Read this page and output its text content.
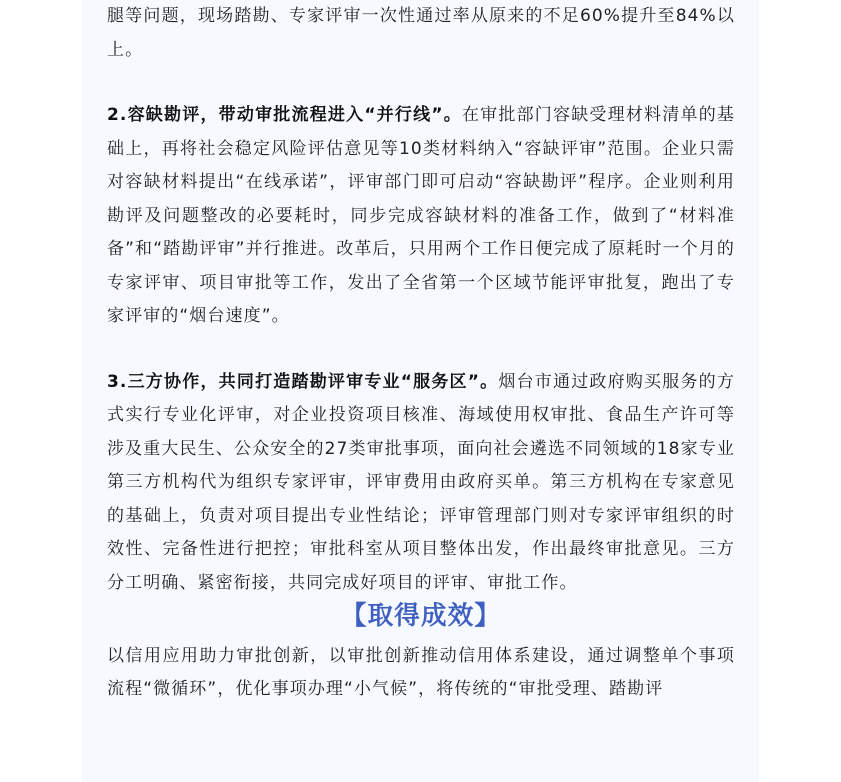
腿等问题，现场踏勘、专家评审一次性通过率从原来的不足60%提升至84%以上。

2.容缺勘评，带动审批流程进入“并行线”。在审批部门容缺受理材料清单的基础上，再将社会稳定风险评估意见等10类材料纳入“容缺评审”范围。企业只需对容缺材料提出“在线承诺”，评审部门即可启动“容缺勘评”程序。企业则利用勘评及问题整改的必要耗时，同步完成容缺材料的准备工作，做到了“材料准备”和“踏勘评审”并行推进。改革后，只用两个工作日便完成了原耗时一个月的专家评审、项目审批等工作，发出了全省第一个区域节能评审批复，跑出了专家评审的“烟台速度”。

3.三方协作，共同打造踏勘评审专业“服务区”。烟台市通过政府购买服务的方式实行专业化评审，对企业投资项目核准、海域使用权审批、食品生产许可等涉及重大民生、公众安全的27类审批事项，面向社会遴选不同领域的18家专业第三方机构代为组织专家评审，评审费用由政府买单。第三方机构在专家意见的基础上，负责对项目提出专业性结论；评审管理部门则对专家评审组织的时效性、完备性进行把控；审批科室从项目整体出发，作出最终审批意见。三方分工明确、紧密衔接，共同完成好项目的评审、审批工作。

【取得成效】

以信用应用助力审批创新，以审批创新推动信用体系建设，通过调整单个事项流程“微循环”，优化事项办理“小气候”，将传统的“审批受理、踏勘评
